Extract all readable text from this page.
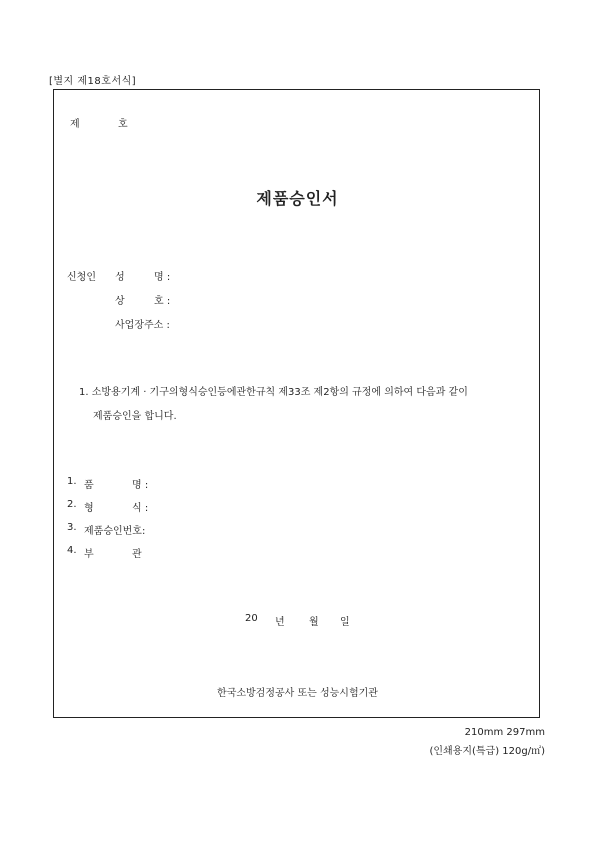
[별지 제18호서식]
제	호
제품승인서
신청인 성	명 :
상	호 :
사업장주소 :
1. 소방용기계 · 기구의형식승인등에관한규칙 제33조 제2항의 규정에 의하여 다음과 같이
제품승인을 합니다.
1. 품	명 :
2. 형	식 :
3. 제품승인번호:
4. 부	관
20 년 월 일
한국소방검정공사 또는 성능시험기관
210mm 297mm
(인쇄용지(특급) 120g/㎡)
